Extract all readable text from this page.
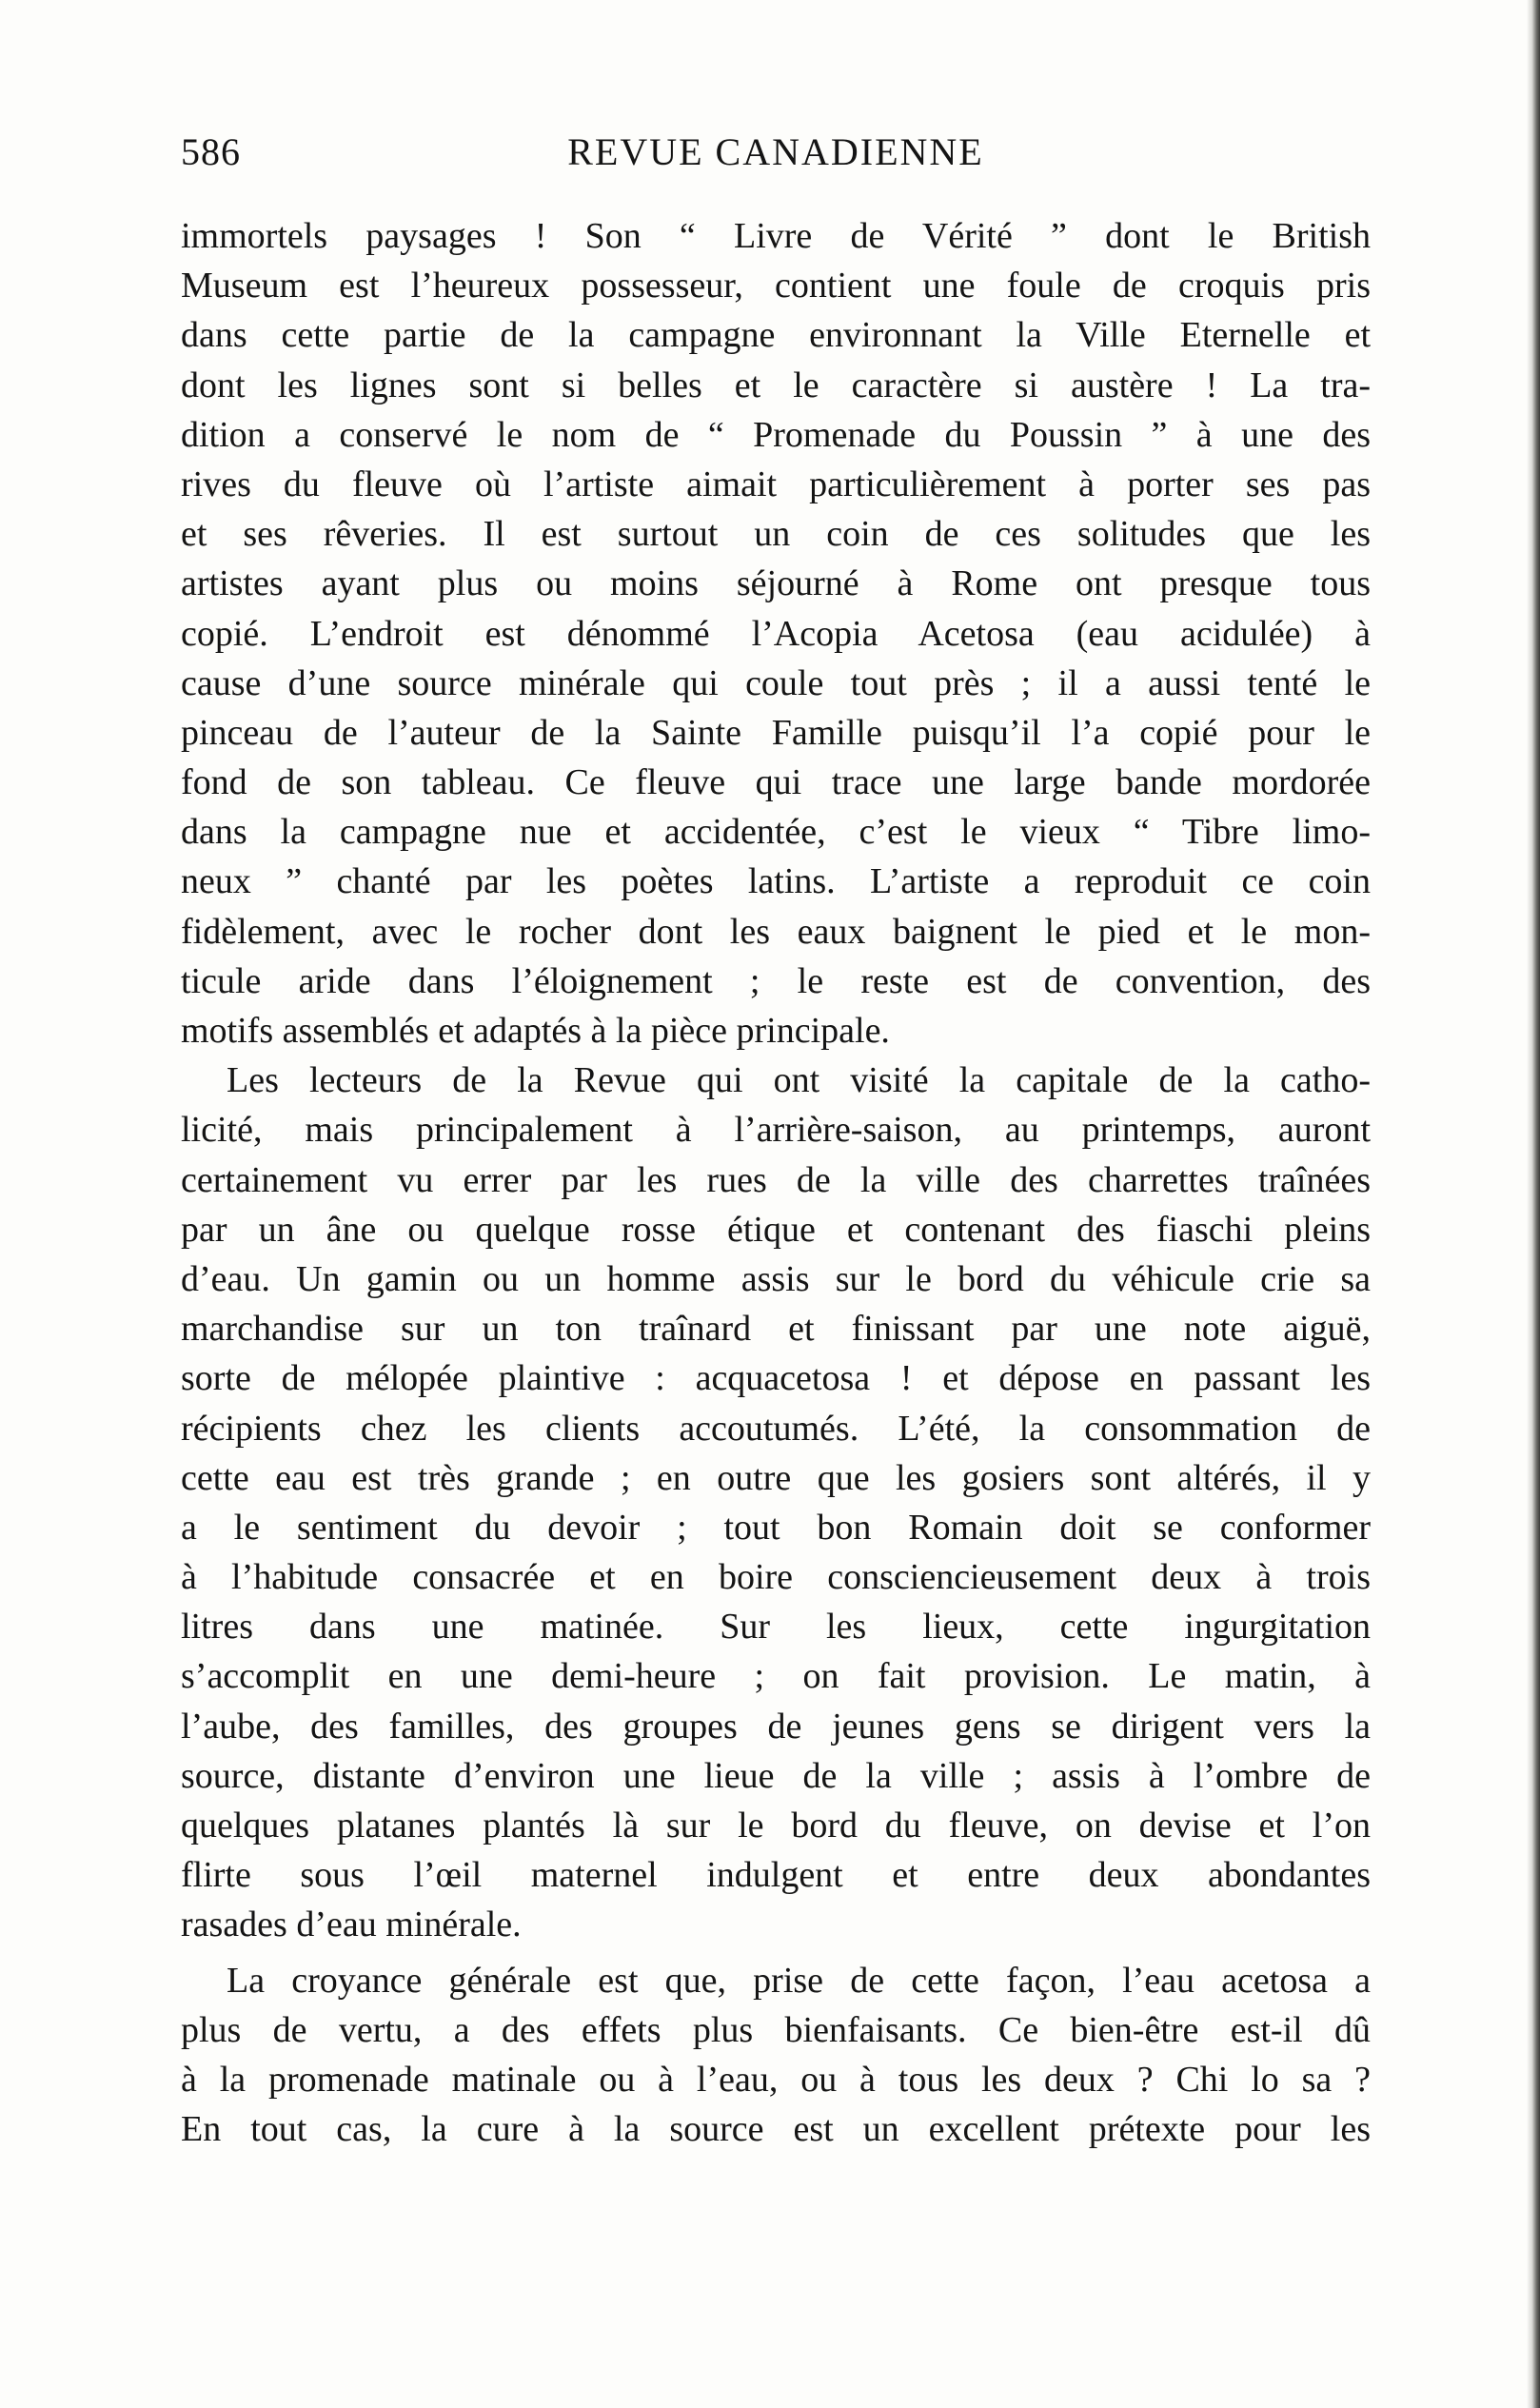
586	REVUE CANADIENNE
immortels paysages ! Son “ Livre de Vérité ” dont le British
Museum est l’heureux possesseur, contient une foule de croquis pris
dans cette partie de la campagne environnant la Ville Eternelle et
dont les lignes sont si belles et le caractère si austère ! La tra-
dition a conservé le nom de “ Promenade du Poussin ” à une des
rives du fleuve où l’artiste aimait particulièrement à porter ses pas
et ses rêveries. Il est surtout un coin de ces solitudes que les
artistes ayant plus ou moins séjourné à Rome ont presque tous
copié. L’endroit est dénommé l’Acopia Acetosa (eau acidulée) à
cause d’une source minérale qui coule tout près ; il a aussi tenté le
pinceau de l’auteur de la Sainte Famille puisqu’il l’a copié pour le
fond de son tableau. Ce fleuve qui trace une large bande mordorée
dans la campagne nue et accidentée, c’est le vieux “ Tibre limo-
neux ” chanté par les poètes latins. L’artiste a reproduit ce coin
fidèlement, avec le rocher dont les eaux baignent le pied et le mon-
ticule aride dans l’éloignement ; le reste est de convention, des
motifs assemblés et adaptés à la pièce principale.
Les lecteurs de la Revue qui ont visité la capitale de la catho-
licité, mais principalement à l’arrière-saison, au printemps, auront
certainement vu errer par les rues de la ville des charrettes traînées
par un âne ou quelque rosse étique et contenant des fiaschi pleins
d’eau. Un gamin ou un homme assis sur le bord du véhicule crie sa
marchandise sur un ton traînard et finissant par une note aiguë,
sorte de mélopée plaintive : acquacetosa ! et dépose en passant les
récipients chez les clients accoutumés. L’été, la consommation de
cette eau est très grande ; en outre que les gosiers sont altérés, il y
a le sentiment du devoir ; tout bon Romain doit se conformer
à l’habitude consacrée et en boire consciencieusement deux à trois
litres dans une matinée. Sur les lieux, cette ingurgitation
s’accomplit en une demi-heure ; on fait provision. Le matin, à
l’aube, des familles, des groupes de jeunes gens se dirigent vers la
source, distante d’environ une lieue de la ville ; assis à l’ombre de
quelques platanes plantés là sur le bord du fleuve, on devise et l’on
flirte sous l’œil maternel indulgent et entre deux abondantes
rasades d’eau minérale.
La croyance générale est que, prise de cette façon, l’eau acetosa a
plus de vertu, a des effets plus bienfaisants. Ce bien-être est-il dû
à la promenade matinale ou à l’eau, ou à tous les deux ? Chi lo sa ?
En tout cas, la cure à la source est un excellent prétexte pour les
